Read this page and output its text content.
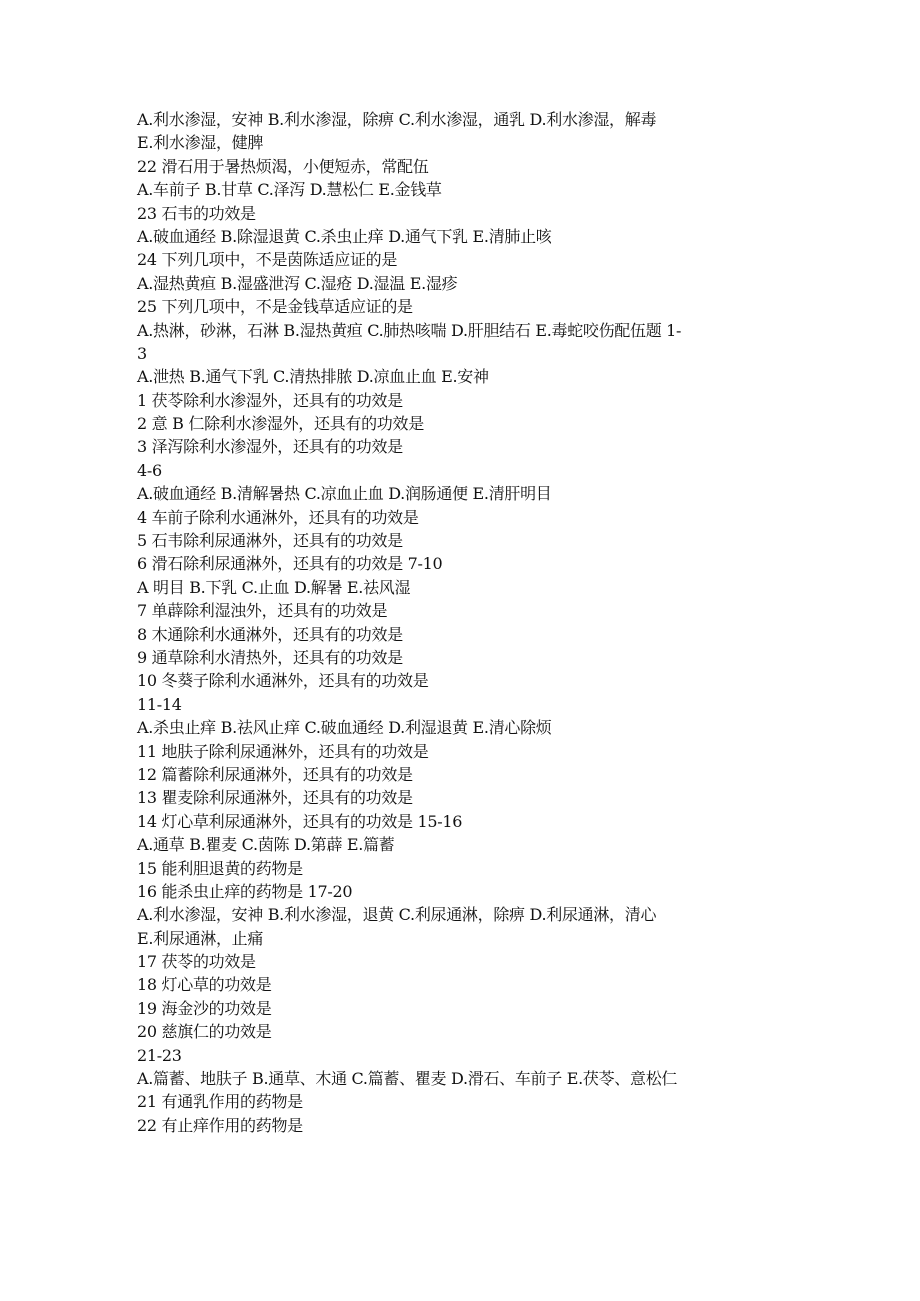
A.利水渗湿，安神 B.利水渗湿，除痹 C.利水渗湿，通乳 D.利水渗湿，解毒
E.利水渗湿，健脾
22 滑石用于暑热烦渴，小便短赤，常配伍
A.车前子 B.甘草 C.泽泻 D.慧松仁 E.金钱草
23 石韦的功效是
A.破血通经 B.除湿退黄 C.杀虫止痒 D.通气下乳 E.清肺止咳
24 下列几项中，不是茵陈适应证的是
A.湿热黄疸 B.湿盛泄泻 C.湿疮 D.湿温 E.湿疹
25 下列几项中，不是金钱草适应证的是
A.热淋，砂淋，石淋 B.湿热黄疸 C.肺热咳喘 D.肝胆结石 E.毒蛇咬伤配伍题 1-
3
A.泄热 B.通气下乳 C.清热排脓 D.凉血止血 E.安神
1 茯苓除利水渗湿外，还具有的功效是
2 意 B 仁除利水渗湿外，还具有的功效是
3 泽泻除利水渗湿外，还具有的功效是
4-6
A.破血通经 B.清解暑热 C.凉血止血 D.润肠通便 E.清肝明目
4 车前子除利水通淋外，还具有的功效是
5 石韦除利尿通淋外，还具有的功效是
6 滑石除利尿通淋外，还具有的功效是 7-10
A 明目 B.下乳 C.止血 D.解暑 E.祛风湿
7 单薜除利湿浊外，还具有的功效是
8 木通除利水通淋外，还具有的功效是
9 通草除利水清热外，还具有的功效是
10 冬葵子除利水通淋外，还具有的功效是
11-14
A.杀虫止痒 B.祛风止痒 C.破血通经 D.利湿退黄 E.清心除烦
11 地肤子除利尿通淋外，还具有的功效是
12 篇蓄除利尿通淋外，还具有的功效是
13 瞿麦除利尿通淋外，还具有的功效是
14 灯心草利尿通淋外，还具有的功效是 15-16
A.通草 B.瞿麦 C.茵陈 D.第薜 E.篇蓄
15 能利胆退黄的药物是
16 能杀虫止痒的药物是 17-20
A.利水渗湿，安神 B.利水渗湿，退黄 C.利尿通淋，除痹 D.利尿通淋，清心
E.利尿通淋，止痛
17 茯苓的功效是
18 灯心草的功效是
19 海金沙的功效是
20 慈旗仁的功效是
21-23
A.篇蓄、地肤子 B.通草、木通 C.篇蓄、瞿麦 D.滑石、车前子 E.茯苓、意松仁
21 有通乳作用的药物是
22 有止痒作用的药物是
